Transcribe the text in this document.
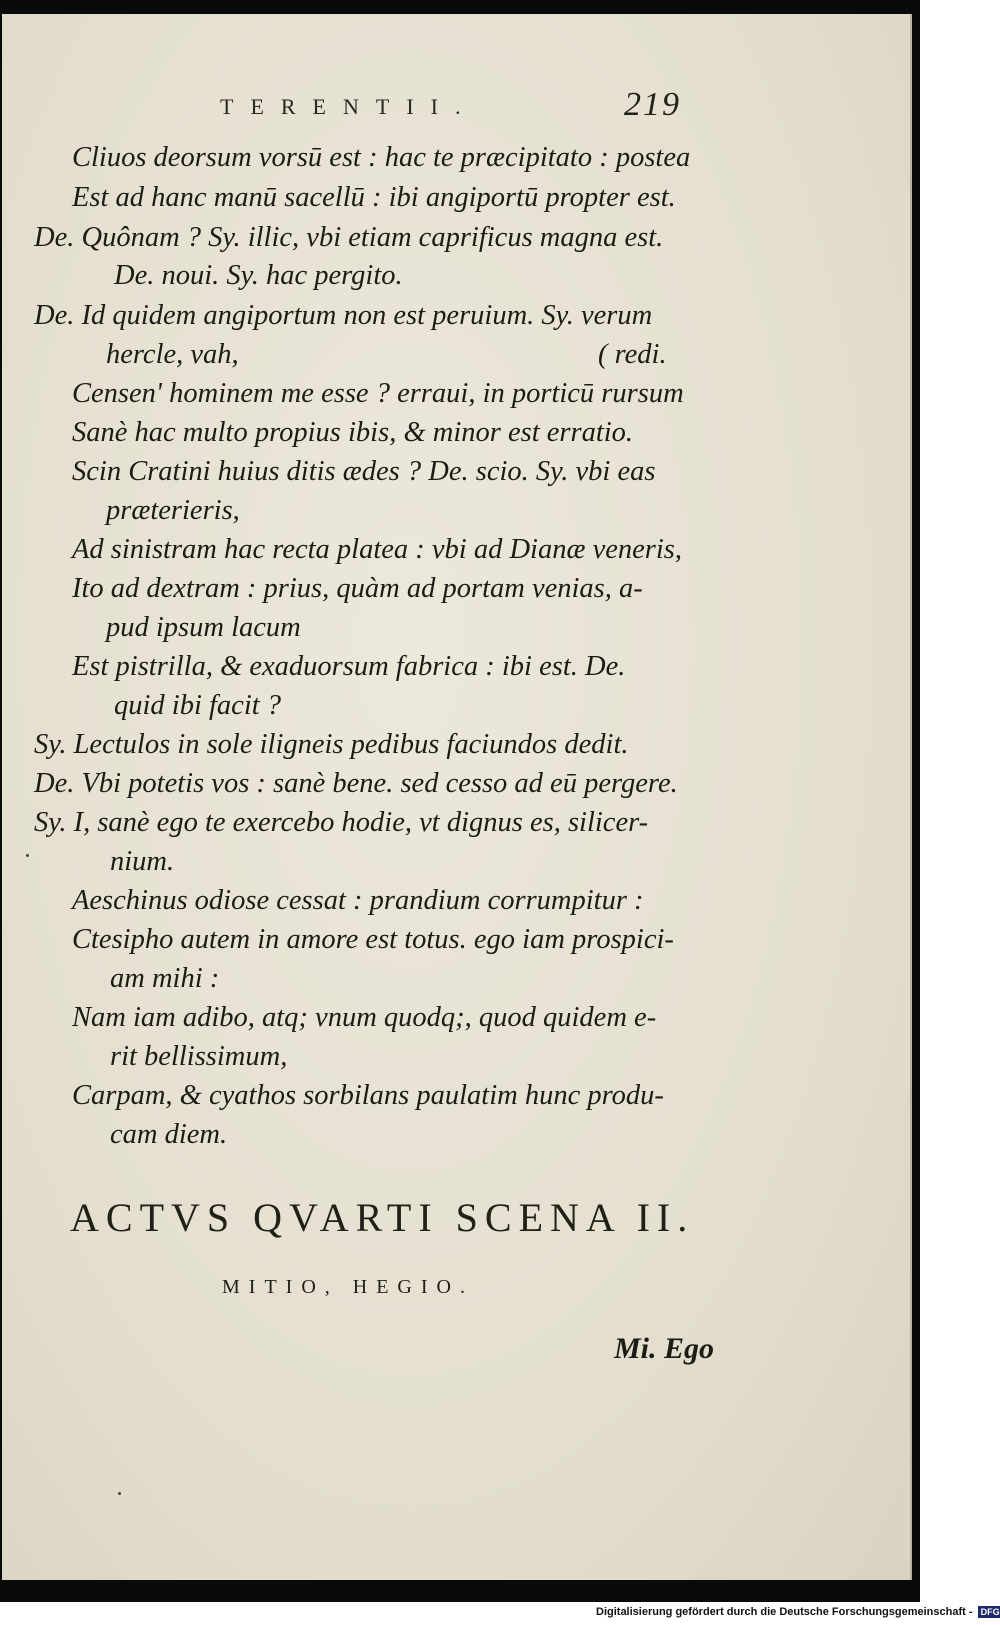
TERENTII.	219
Cliuos deorsum vorsū est : hac te præcipitato : postea
Est ad hanc manū sacellū : ibi angiportū propter est.
De. Quônam ? Sy. illic, vbi etiam caprificus magna est.
De. noui. Sy. hac pergito.
De. Id quidem angiportum non est peruium. Sy. verum
hercle, vah,	( redi.
Censen' hominem me esse ? erraui, in porticū rursum
Sanè hac multo propius ibis, & minor est erratio.
Scin Cratini huius ditis ædes ? De. scio. Sy. vbi eas
præterieris,
Ad sinistram hac recta platea : vbi ad Dianæ veneris,
Ito ad dextram : prius, quàm ad portam venias, a-
pud ipsum lacum
Est pistrilla, & exaduorsum fabrica : ibi est. De.
quid ibi facit ?
Sy. Lectulos in sole iligneis pedibus faciundos dedit.
De. Vbi potetis vos : sanè bene. sed cesso ad eū pergere.
Sy. I, sanè ego te exercebo hodie, vt dignus es, silicer-
nium.
Aeschinus odiose cessat : prandium corrumpitur :
Ctesipho autem in amore est totus. ego iam prospici-
am mihi :
Nam iam adibo, atq; vnum quodq;, quod quidem e-
rit bellissimum,
Carpam, & cyathos sorbilans paulatim hunc produ-
cam diem.
ACTVS QVARTI SCENA II.
MITIO, HEGIO.
Mi. Ego
Digitalisierung gefördert durch die Deutsche Forschungsgemeinschaft - DFG
